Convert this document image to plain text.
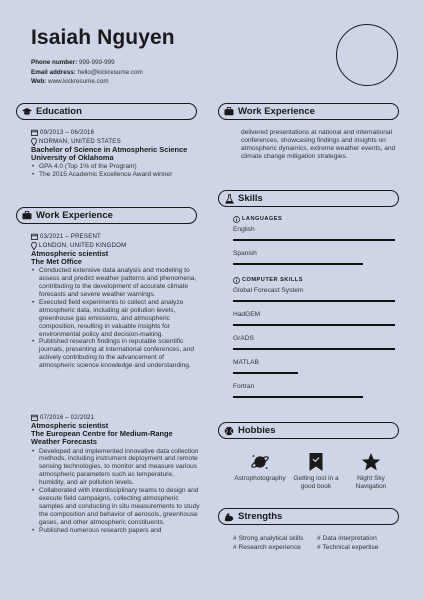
Isaiah Nguyen
Phone number: 999-999-999
Email address: hello@kickresume.com
Web: www.kickresume.com
Education
09/2013 – 06/2016
NORMAN, UNITED STATES
Bachelor of Science in Atmospheric Science
University of Oklahoma
• GPA 4.0 (Top 1% of the Program)
• The 2015 Academic Excellence Award winner
Work Experience
03/2021 – PRESENT
LONDON, UNITED KINGDOM
Atmospheric scientist
The Met Office
• Conducted extensive data analysis and modeling to assess and predict weather patterns and phenomena, contributing to the development of accurate climate forecasts and severe weather warnings.
• Executed field experiments to collect and analyze atmospheric data, including air pollution levels, greenhouse gas emissions, and atmospheric composition, resulting in valuable insights for environmental policy and decision-making.
• Published research findings in reputable scientific journals, presenting at international conferences, and actively contributing to the advancement of atmospheric science knowledge and understanding.
07/2016 – 02/2021
Atmospheric scientist
The European Centre for Medium-Range Weather Forecasts
• Developed and implemented innovative data collection methods, including instrument deployment and remote sensing technologies, to monitor and measure various atmospheric parameters such as temperature, humidity, and air pollution levels.
• Collaborated with interdisciplinary teams to design and execute field campaigns, collecting atmospheric samples and conducting in situ measurements to study the composition and behavior of aerosols, greenhouse gases, and other atmospheric constituents.
• Published numerous research papers and
Work Experience
delivered presentations at national and international conferences, showcasing findings and insights on atmospheric dynamics, extreme weather events, and climate change mitigation strategies.
Skills
LANGUAGES
English
Spanish
COMPUTER SKILLS
Global Forecast System
HadGEM
GrADS
MATLAB
Fortran
Hobbies
Astrophotography	Getting lost in a good book
Night Sky Navigation
Strengths
# Strong analytical skills	# Data interpretation
# Research experience	# Technical expertise
